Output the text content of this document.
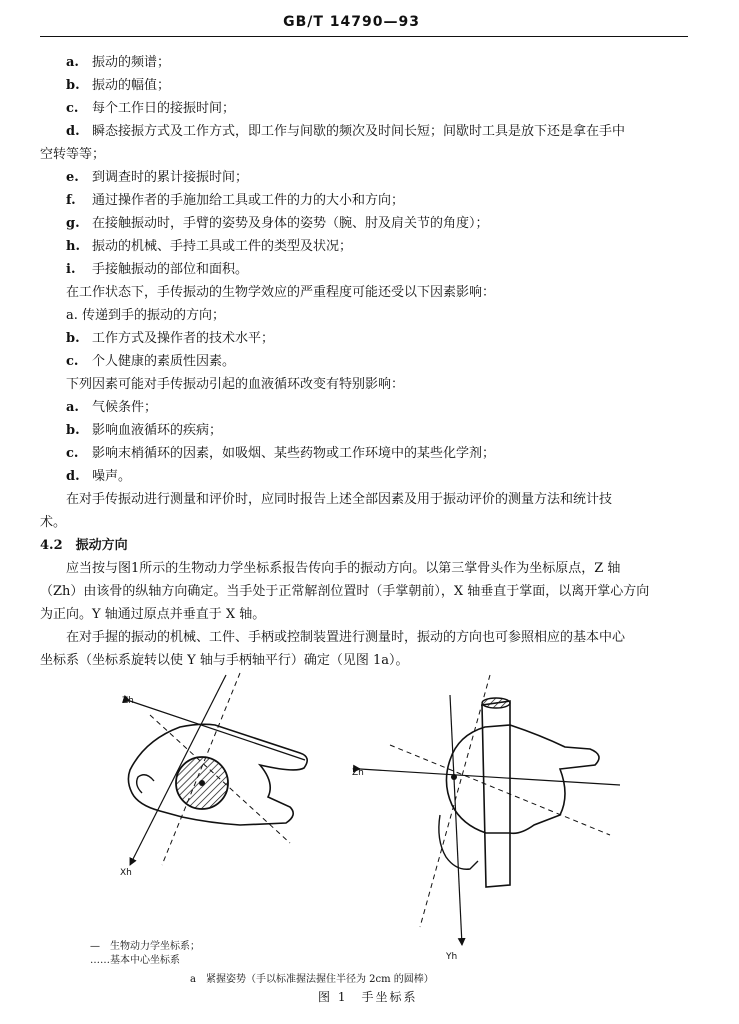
GB/T 14790—93
a. 振动的频谱；
b. 振动的幅值；
c. 每个工作日的接振时间；
d. 瞬态接振方式及工作方式，即工作与间歇的频次及时间长短；间歇时工具是放下还是拿在手中
空转等等；
e. 到调查时的累计接振时间；
f. 通过操作者的手施加给工具或工件的力的大小和方向；
g. 在接触振动时，手臂的姿势及身体的姿势（腕、肘及肩关节的角度）；
h. 振动的机械、手持工具或工件的类型及状况；
i. 手接触振动的部位和面积。
在工作状态下，手传振动的生物学效应的严重程度可能还受以下因素影响：
a. 传递到手的振动的方向；
b. 工作方式及操作者的技术水平；
c. 个人健康的素质性因素。
下列因素可能对手传振动引起的血液循环改变有特别影响：
a. 气候条件；
b. 影响血液循环的疾病；
c. 影响末梢循环的因素，如吸烟、某些药物或工作环境中的某些化学剂；
d. 噪声。
在对手传振动进行测量和评价时，应同时报告上述全部因素及用于振动评价的测量方法和统计技
术。
4.2　振动方向
应当按与图1所示的生物动力学坐标系报告传向手的振动方向。以第三掌骨头作为坐标原点，Z 轴
（Zh）由该骨的纵轴方向确定。当手处于正常解剖位置时（手掌朝前），X 轴垂直于掌面，以离开掌心方向
为正向。Y 轴通过原点并垂直于 X 轴。
在对手握的振动的机械、工件、手柄或控制装置进行测量时，振动的方向也可参照相应的基本中心
坐标系（坐标系旋转以使 Y 轴与手柄轴平行）确定（见图 1a）。
Zh
Xh
Zh
Yh
—　生物动力学坐标系；
……基本中心坐标系
a　紧握姿势（手以标准握法握住半径为 2cm 的圆棒）
图 1　手坐标系
